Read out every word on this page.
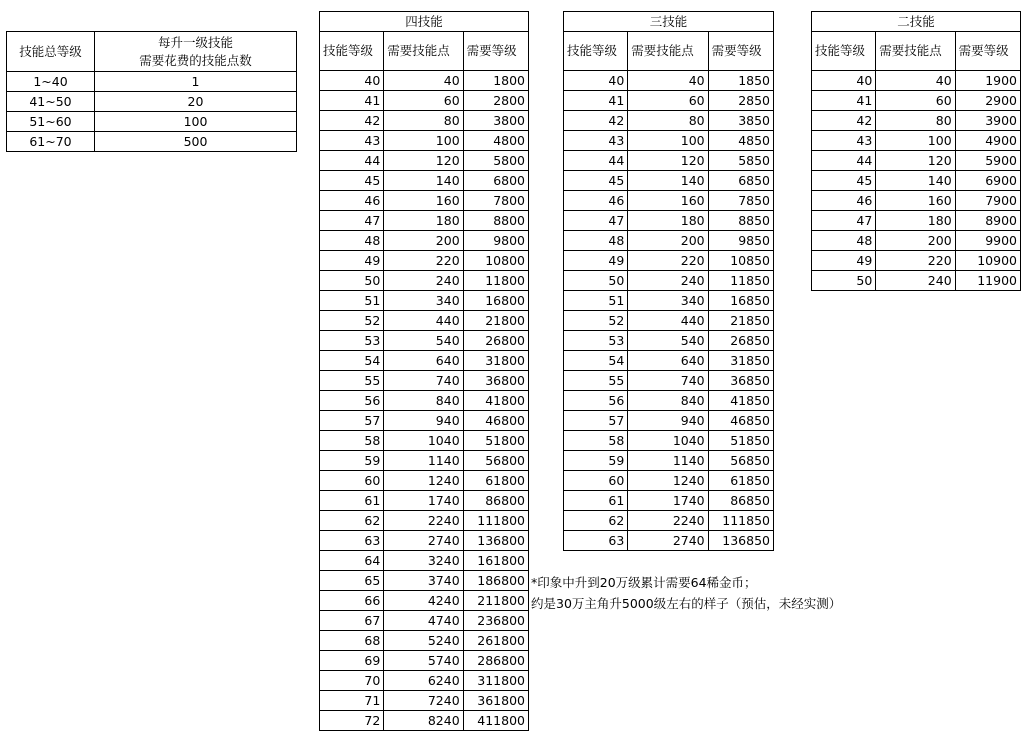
技能总等级	每升一级技能
需要花费的技能点数
1~40	1
41~50	20
51~60	100
61~70	500
四技能		
技能等级	需要技能点	需要等级
40	40	1800
41	60	2800
42	80	3800
43	100	4800
44	120	5800
45	140	6800
46	160	7800
47	180	8800
48	200	9800
49	220	10800
50	240	11800
51	340	16800
52	440	21800
53	540	26800
54	640	31800
55	740	36800
56	840	41800
57	940	46800
58	1040	51800
59	1140	56800
60	1240	61800
61	1740	86800
62	2240	111800
63	2740	136800
64	3240	161800
65	3740	186800
66	4240	211800
67	4740	236800
68	5240	261800
69	5740	286800
70	6240	311800
71	7240	361800
72	8240	411800
三技能		
技能等级	需要技能点	需要等级
40	40	1850
41	60	2850
42	80	3850
43	100	4850
44	120	5850
45	140	6850
46	160	7850
47	180	8850
48	200	9850
49	220	10850
50	240	11850
51	340	16850
52	440	21850
53	540	26850
54	640	31850
55	740	36850
56	840	41850
57	940	46850
58	1040	51850
59	1140	56850
60	1240	61850
61	1740	86850
62	2240	111850
63	2740	136850
二技能		
技能等级	需要技能点	需要等级
40	40	1900
41	60	2900
42	80	3900
43	100	4900
44	120	5900
45	140	6900
46	160	7900
47	180	8900
48	200	9900
49	220	10900
50	240	11900
*印象中升到20万级累计需要64稀金币；
约是30万主角升5000级左右的样子（预估，未经实测）
